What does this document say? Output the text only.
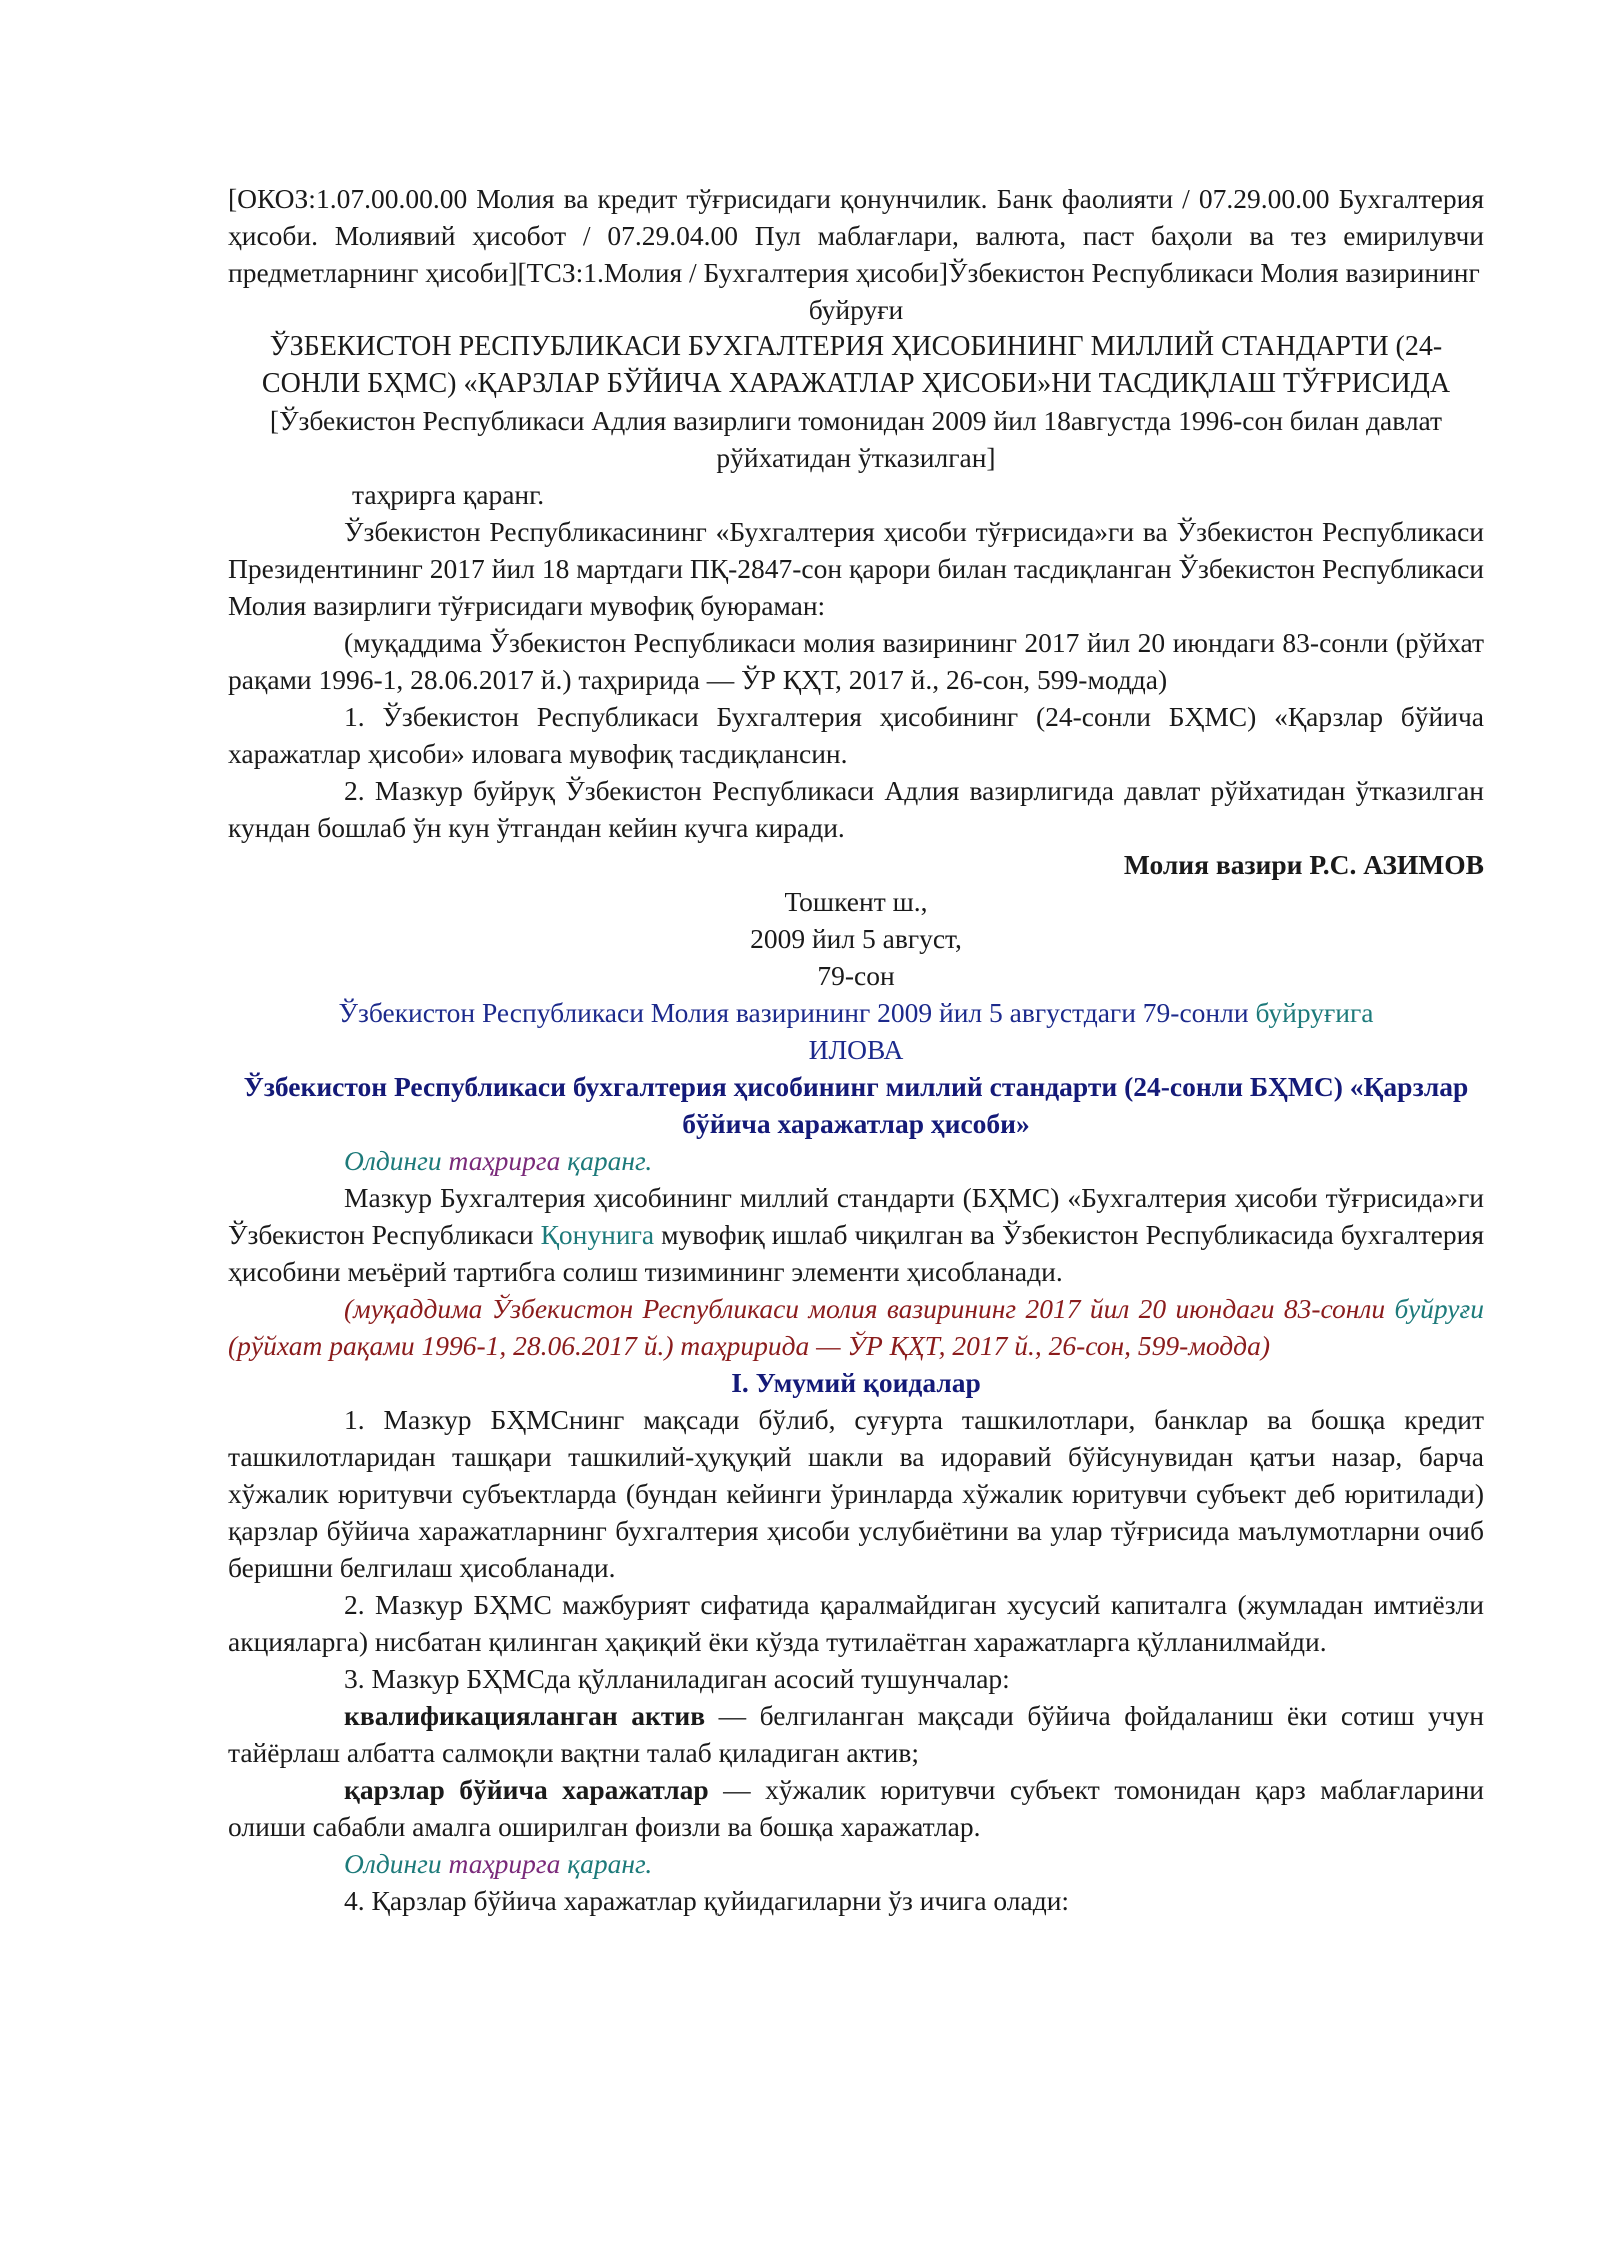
[ОКОЗ:1.07.00.00.00 Молия ва кредит тўғрисидаги қонунчилик. Банк фаолияти / 07.29.00.00 Бухгалтерия ҳисоби. Молиявий ҳисобот / 07.29.04.00 Пул маблағлари, валюта, паст баҳоли ва тез емирилувчи предметларнинг ҳисоби][ТСЗ:1.Молия / Бухгалтерия ҳисоби]Ўзбекистон Республикаси Молия вазирининг

буйруғи

ЎЗБЕКИСТОН РЕСПУБЛИКАСИ БУХГАЛТЕРИЯ ҲИСОБИНИНГ МИЛЛИЙ СТАНДАРТИ (24-СОНЛИ БҲМС) «ҚАРЗЛАР БЎЙИЧА ХАРАЖАТЛАР ҲИСОБИ»НИ ТАСДИҚЛАШ ТЎҒРИСИДА

[Ўзбекистон Республикаси Адлия вазирлиги томонидан 2009 йил 18августда 1996-сон билан давлат рўйхатидан ўтказилган]

таҳрирга қаранг.

Ўзбекистон Республикасининг «Бухгалтерия ҳисоби тўғрисида»ги ва Ўзбекистон Республикаси Президентининг 2017 йил 18 мартдаги ПҚ-2847-сон қарори билан тасдиқланган Ўзбекистон Республикаси Молия вазирлиги тўғрисидаги мувофиқ буюраман:

(муқаддима Ўзбекистон Республикаси молия вазирининг 2017 йил 20 июндаги 83-сонли (рўйхат рақами 1996-1, 28.06.2017 й.) таҳририда — ЎР ҚҲТ, 2017 й., 26-сон, 599-модда)

1. Ўзбекистон Республикаси Бухгалтерия ҳисобининг (24-сонли БҲМС) «Қарзлар бўйича харажатлар ҳисоби» иловага мувофиқ тасдиқлансин.

2. Мазкур буйруқ Ўзбекистон Республикаси Адлия вазирлигида давлат рўйхатидан ўтказилган кундан бошлаб ўн кун ўтгандан кейин кучга киради.

Молия вазири Р.С. АЗИМОВ

Тошкент ш.,

2009 йил 5 август,

79-сон

Ўзбекистон Республикаси Молия вазирининг 2009 йил 5 августдаги 79-сонли буйруғига

ИЛОВА

Ўзбекистон Республикаси бухгалтерия ҳисобининг миллий стандарти (24-сонли БҲМС) «Қарзлар бўйича харажатлар ҳисоби»

Олдинги таҳрирга қаранг.

Мазкур Бухгалтерия ҳисобининг миллий стандарти (БҲМС) «Бухгалтерия ҳисоби тўғрисида»ги Ўзбекистон Республикаси Қонунига мувофиқ ишлаб чиқилган ва Ўзбекистон Республикасида бухгалтерия ҳисобини меъёрий тартибга солиш тизимининг элементи ҳисобланади.

(муқаддима Ўзбекистон Республикаси молия вазирининг 2017 йил 20 июндаги 83-сонли буйруғи (рўйхат рақами 1996-1, 28.06.2017 й.) таҳририда — ЎР ҚҲТ, 2017 й., 26-сон, 599-модда)

I. Умумий қоидалар

1. Мазкур БҲМСнинг мақсади бўлиб, суғурта ташкилотлари, банклар ва бошқа кредит ташкилотларидан ташқари ташкилий-ҳуқуқий шакли ва идоравий бўйсунувидан қатъи назар, барча хўжалик юритувчи субъектларда (бундан кейинги ўринларда хўжалик юритувчи субъект деб юритилади) қарзлар бўйича харажатларнинг бухгалтерия ҳисоби услубиётини ва улар тўғрисида маълумотларни очиб беришни белгилаш ҳисобланади.

2. Мазкур БҲМС мажбурият сифатида қаралмайдиган хусусий капиталга (жумладан имтиёзли акцияларга) нисбатан қилинган ҳақиқий ёки кўзда тутилаётган харажатларга қўлланилмайди.

3. Мазкур БҲМСда қўлланиладиган асосий тушунчалар:

квалификацияланган актив — белгиланган мақсади бўйича фойдаланиш ёки сотиш учун тайёрлаш албатта салмоқли вақтни талаб қиладиган актив;

қарзлар бўйича харажатлар — хўжалик юритувчи субъект томонидан қарз маблағларини олиши сабабли амалга оширилган фоизли ва бошқа харажатлар.

Олдинги таҳрирга қаранг.

4. Қарзлар бўйича харажатлар қуйидагиларни ўз ичига олади:
